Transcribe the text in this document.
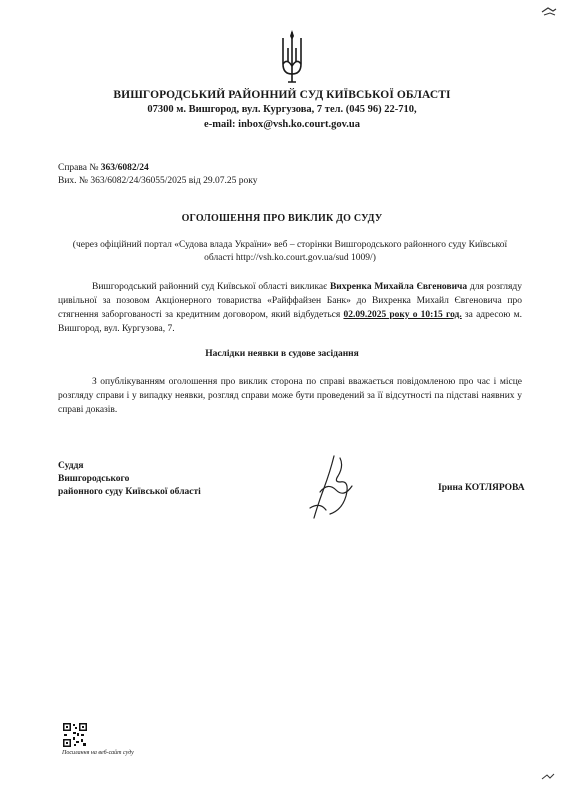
ВИШГОРОДСЬКИЙ РАЙОННИЙ СУД КИЇВСЬКОЇ ОБЛАСТІ
07300 м. Вишгород, вул. Кургузова, 7 тел. (045 96) 22-710,
e-mail: inbox@vsh.ko.court.gov.ua
Справа № 363/6082/24
Вих. № 363/6082/24/36055/2025 від 29.07.25 року
ОГОЛОШЕННЯ ПРО ВИКЛИК ДО СУДУ
(через офіційний портал «Судова влада України» веб – сторінки Вишгородського районного суду Київської області http://vsh.ko.court.gov.ua/sud 1009/)
Вишгородський районний суд Київської області викликає Вихренка Михайла Євгеновича для розгляду цивільної за позовом Акціонерного товариства «Райффайзен Банк» до Вихренка Михайл Євгеновича про стягнення заборгованості за кредитним договором, який відбудеться 02.09.2025 року о 10:15 год. за адресою м. Вишгород, вул. Кургузова, 7.
Наслідки неявки в судове засідання
З опублікуванням оголошення про виклик сторона по справі вважається повідомленою про час і місце розгляду справи і у випадку неявки, розгляд справи може бути проведений за її відсутності па підставі наявних у справі доказів.
Суддя
Вишгородського
районного суду Київської області	Ірина КОТЛЯРОВА
Посилання на веб-сайт суду
